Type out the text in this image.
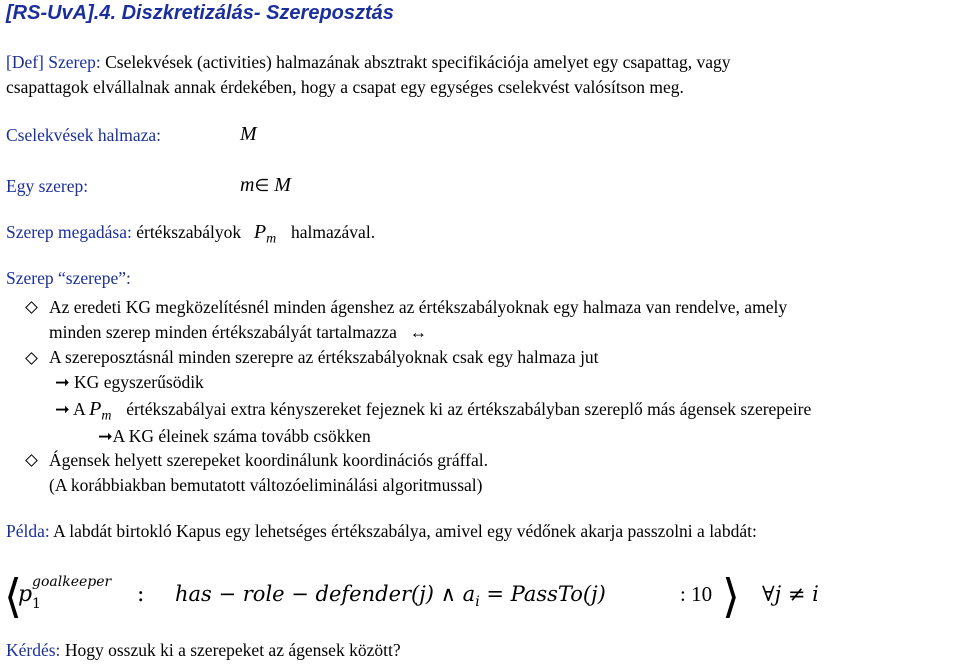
[RS-UvA].4. Diszkretizálás- Szereposztás
[Def] Szerep: Cselekvések (activities) halmazának absztrakt specifikációja amelyet egy csapattag, vagy
csapattagok elvállalnak annak érdekében, hogy a csapat egy egységes cselekvést valósítson meg.
Cselekvések halmaza:	M
Egy szerep:	m∈ M
Szerep megadása: értékszabályok $P_m$ halmazával.
Szerep “szerepe”:
Az eredeti KG megközelítésnél minden ágenshez az értékszabályoknak egy halmaza van rendelve, amely
minden szerep minden értékszabályát tartalmazza ↔
A szereposztásnál minden szerepre az értékszabályoknak csak egy halmaza jut
➞ KG egyszerűsödik
➞ A $P_m$ értékszabályai extra kényszereket fejeznek ki az értékszabályban szereplő más ágensek szerepeire
➞A KG éleinek száma tovább csökken
Ágensek helyett szerepeket koordinálunk koordinációs gráffal.
(A korábbiakban bemutatott változóeliminálási algoritmussal)
Példa: A labdát birtokló Kapus egy lehetséges értékszabálya, amivel egy védőnek akarja passzolni a labdát:
⟨
p goalkeeper
1	: has − role − defender(j) ∧ $a_i$ = PassTo(j)	: 10 ⟩ ∀j ≠ i
Kérdés: Hogy osszuk ki a szerepeket az ágensek között?
